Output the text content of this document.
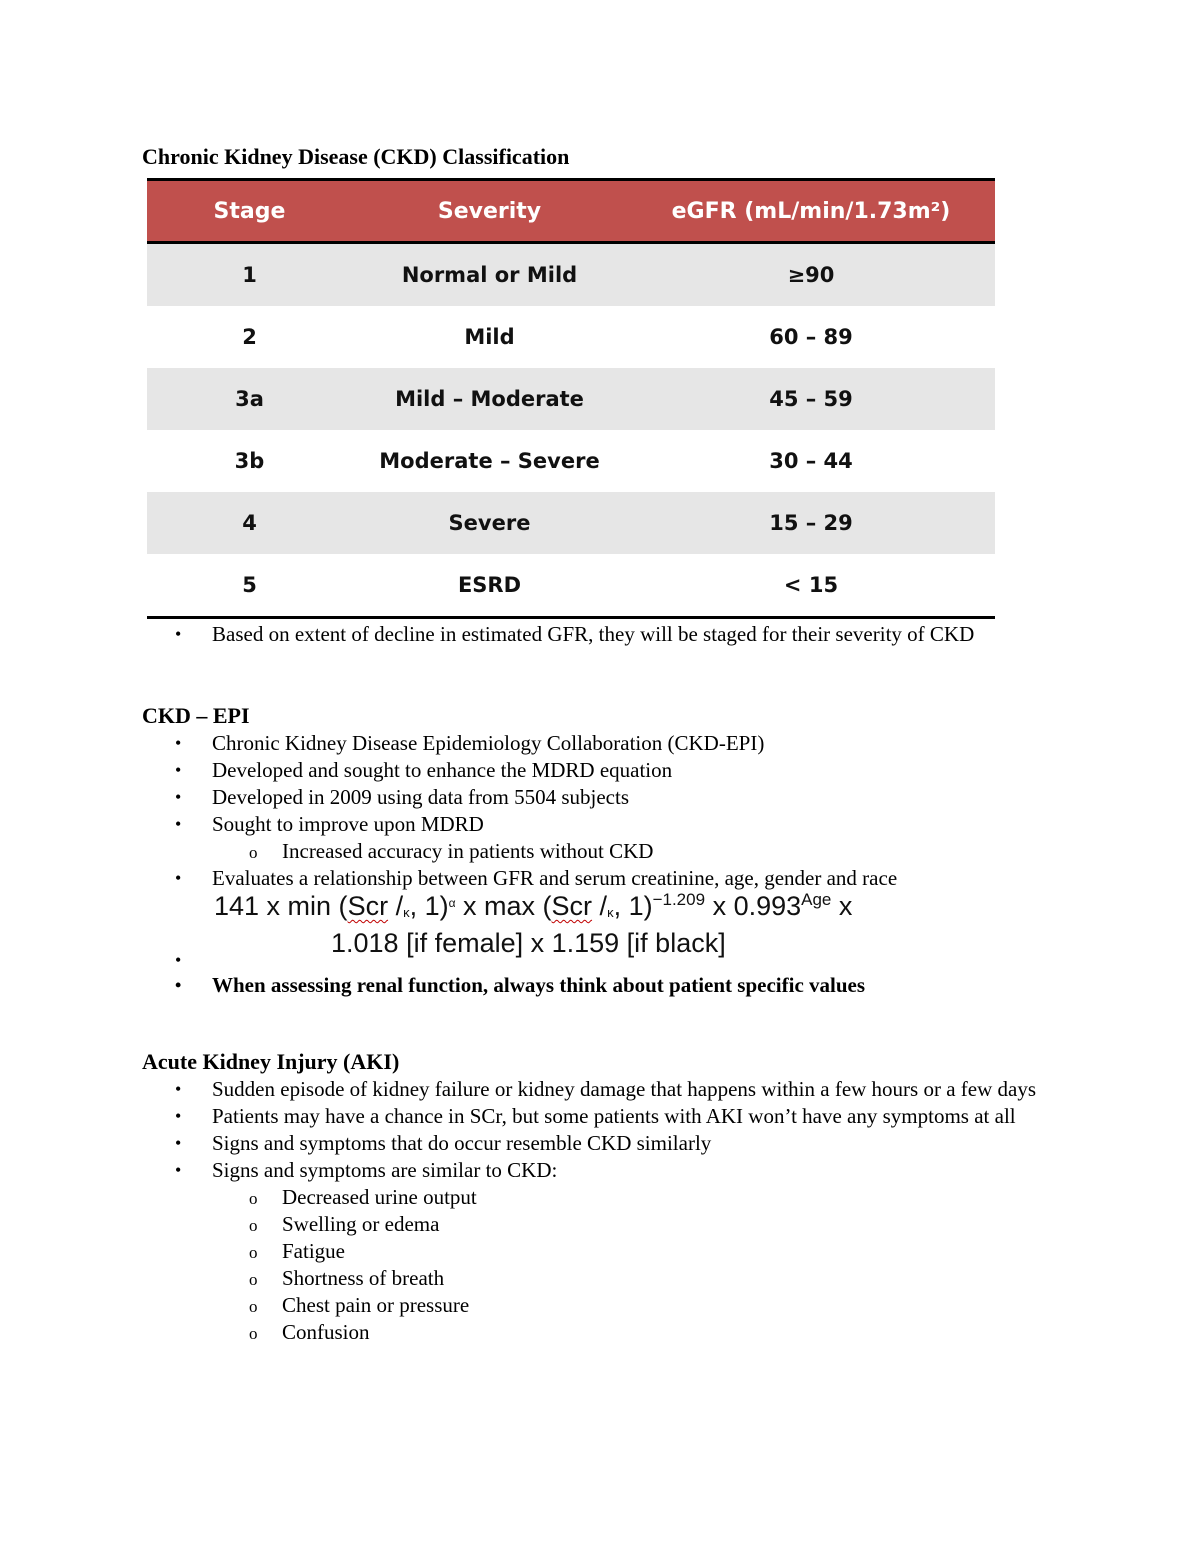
Chronic Kidney Disease (CKD) Classification
Stage	Severity	eGFR (mL/min/1.73m²)
1	Normal or Mild	≥90
2	Mild	60 – 89
3a	Mild – Moderate	45 – 59
3b	Moderate – Severe	30 – 44
4	Severe	15 – 29
5	ESRD	< 15
•	Based on extent of decline in estimated GFR, they will be staged for their severity of CKD
CKD – EPI
•	Chronic Kidney Disease Epidemiology Collaboration (CKD-EPI)
•	Developed and sought to enhance the MDRD equation
•	Developed in 2009 using data from 5504 subjects
•	Sought to improve upon MDRD
o Increased accuracy in patients without CKD
•	Evaluates a relationship between GFR and serum creatinine, age, gender and race
141 x min (Scr /κ, 1)$^\alpha$ x max (Scr /κ, 1)$^{-1.209}$ x $0.993^{Age}$ x
•
1.018 [if female] x 1.159 [if black]
•	When assessing renal function, always think about patient specific values
Acute Kidney Injury (AKI)
•	Sudden episode of kidney failure or kidney damage that happens within a few hours or a few days
•	Patients may have a chance in SCr, but some patients with AKI won’t have any symptoms at all
•	Signs and symptoms that do occur resemble CKD similarly
•	Signs and symptoms are similar to CKD:
o Decreased urine output
o Swelling or edema
o Fatigue
o Shortness of breath
o Chest pain or pressure
o Confusion
